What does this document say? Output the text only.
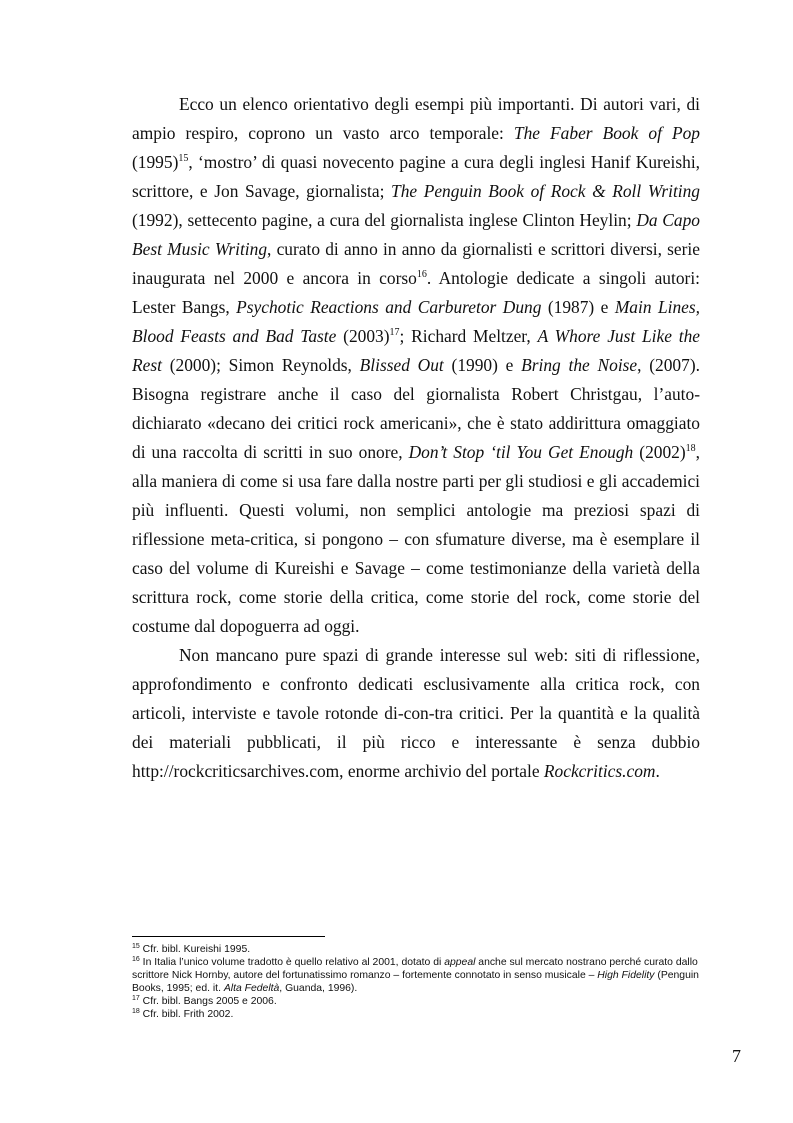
Ecco un elenco orientativo degli esempi più importanti. Di autori vari, di ampio respiro, coprono un vasto arco temporale: The Faber Book of Pop $(1995)^{15}$, ‘mostro’ di quasi novecento pagine a cura degli inglesi Hanif Kureishi, scrittore, e Jon Savage, giornalista; The Penguin Book of Rock & Roll Writing (1992), settecento pagine, a cura del giornalista inglese Clinton Heylin; Da Capo Best Music Writing, curato di anno in anno da giornalisti e scrittori diversi, serie inaugurata nel 2000 e ancora in corso$^{16}$. Antologie dedicate a singoli autori: Lester Bangs, Psychotic Reactions and Carburetor Dung (1987) e Main Lines, Blood Feasts and Bad Taste $(2003)^{17}$; Richard Meltzer, A Whore Just Like the Rest (2000); Simon Reynolds, Blissed Out (1990) e Bring the Noise, (2007). Bisogna registrare anche il caso del giornalista Robert Christgau, l’auto-dichiarato «decano dei critici rock americani», che è stato addirittura omaggiato di una raccolta di scritti in suo onore, Don’t Stop ‘til You Get Enough $(2002)^{18}$, alla maniera di come si usa fare dalla nostre parti per gli studiosi e gli accademici più influenti. Questi volumi, non semplici antologie ma preziosi spazi di riflessione meta-critica, si pongono – con sfumature diverse, ma è esemplare il caso del volume di Kureishi e Savage – come testimonianze della varietà della scrittura rock, come storie della critica, come storie del rock, come storie del costume dal dopoguerra ad oggi.

Non mancano pure spazi di grande interesse sul web: siti di riflessione, approfondimento e confronto dedicati esclusivamente alla critica rock, con articoli, interviste e tavole rotonde di-con-tra critici. Per la quantità e la qualità dei materiali pubblicati, il più ricco e interessante è senza dubbio http://rockcriticsarchives.com, enorme archivio del portale Rockcritics.com.

$^{15}$ Cfr. bibl. Kureishi 1995.
$^{16}$ In Italia l’unico volume tradotto è quello relativo al 2001, dotato di appeal anche sul mercato nostrano perché curato dallo scrittore Nick Hornby, autore del fortunatissimo romanzo – fortemente connotato in senso musicale – High Fidelity (Penguin Books, 1995; ed. it. Alta Fedeltà, Guanda, 1996).
$^{17}$ Cfr. bibl. Bangs 2005 e 2006.
$^{18}$ Cfr. bibl. Frith 2002.
7
